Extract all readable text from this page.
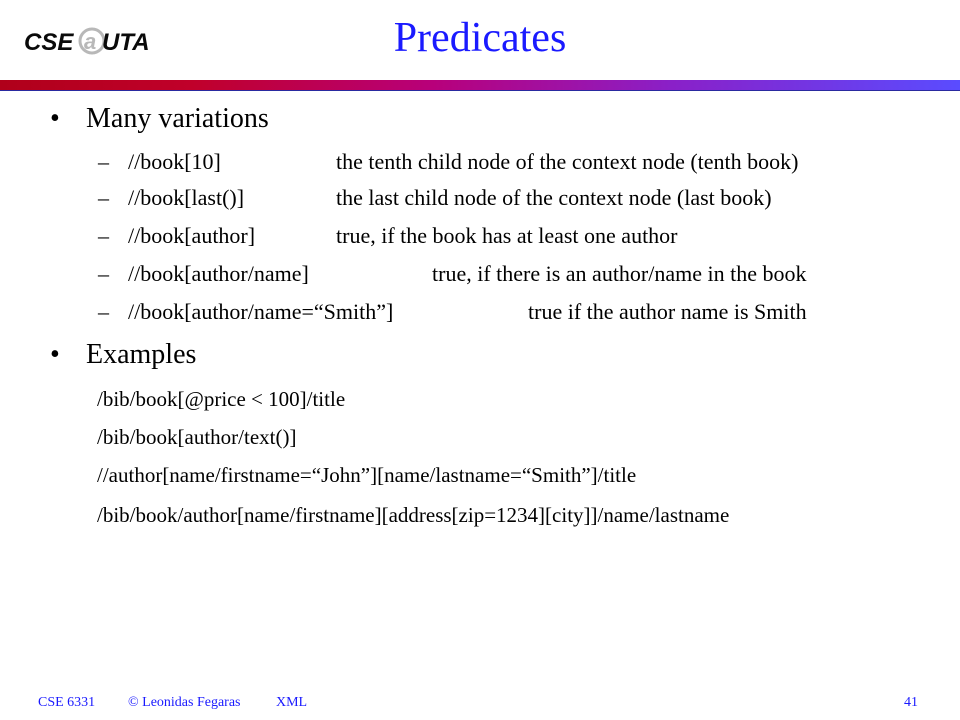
CSE a UTA	Predicates
• Many variations
– //book[10]	the tenth child node of the context node (tenth book)
– //book[last()]	the last child node of the context node (last book)
– //book[author]	true, if the book has at least one author
– //book[author/name]	true, if there is an author/name in the book
– //book[author/name=“Smith”]	true if the author name is Smith
• Examples
/bib/book[@price < 100]/title
/bib/book[author/text()]
//author[name/firstname=“John”][name/lastname=“Smith”]/title
/bib/book/author[name/firstname][address[zip=1234][city]]/name/lastname
CSE 6331 © Leonidas Fegaras	XML	41
